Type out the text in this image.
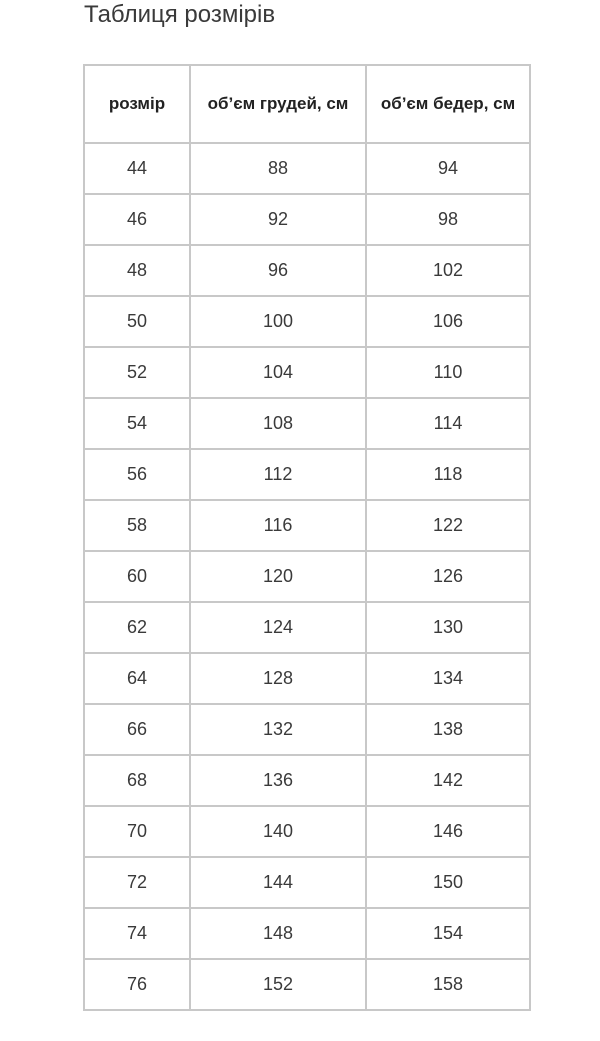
Таблиця розмірів
розмір	об’єм грудей, см	об’єм бедер, см
44	88	94
46	92	98
48	96	102
50	100	106
52	104	110
54	108	114
56	112	118
58	116	122
60	120	126
62	124	130
64	128	134
66	132	138
68	136	142
70	140	146
72	144	150
74	148	154
76	152	158
